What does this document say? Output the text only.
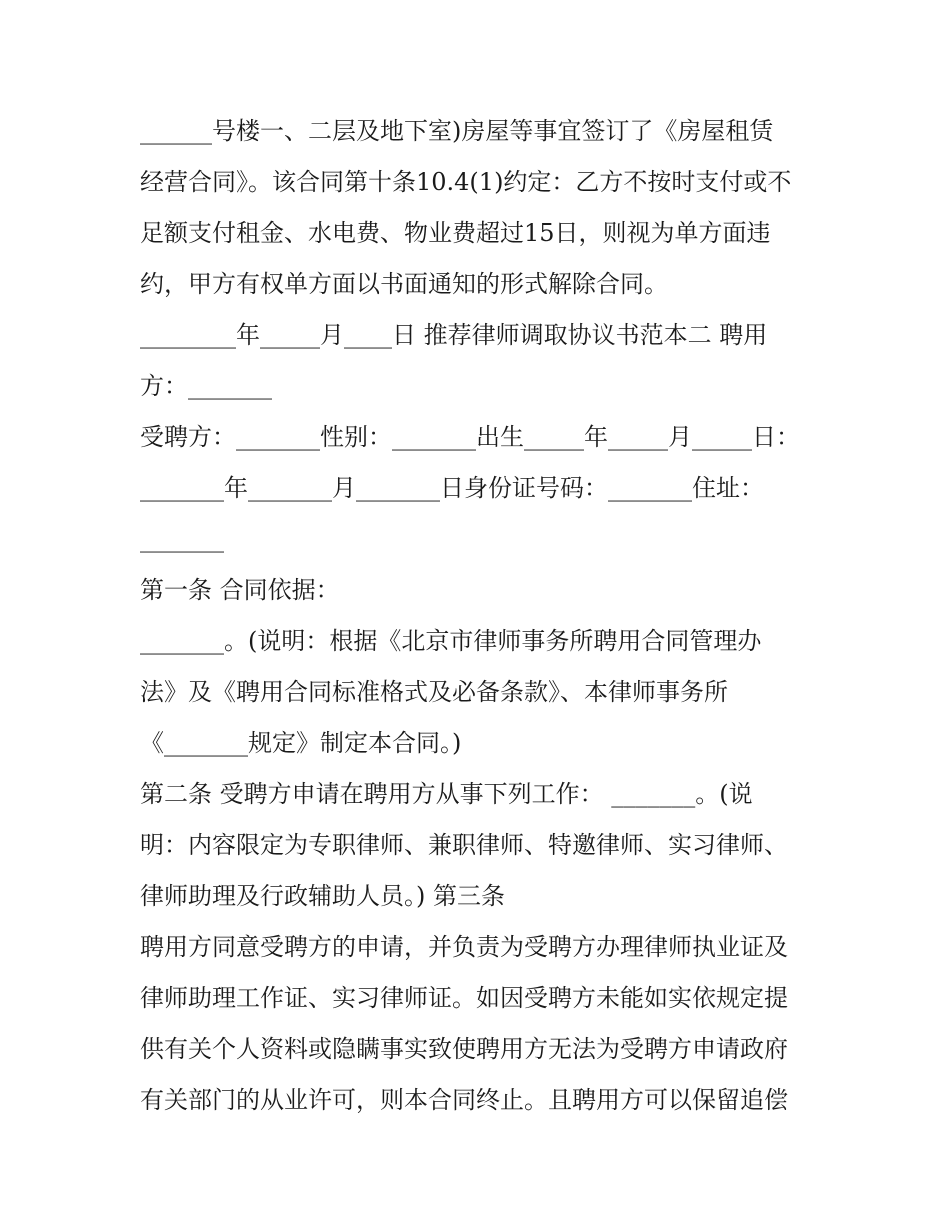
______号楼一、二层及地下室)房屋等事宜签订了《房屋租赁
经营合同》。该合同第十条10.4(1)约定：乙方不按时支付或不
足额支付租金、水电费、物业费超过15日，则视为单方面违
约，甲方有权单方面以书面通知的形式解除合同。
________年_____月____日 推荐律师调取协议书范本二 聘用
方：_______
受聘方：_______性别：_______出生_____年_____月_____日：
_______年_______月_______日身份证号码：_______住址：
_______
第一条 合同依据：
_______。(说明：根据《北京市律师事务所聘用合同管理办
法》及《聘用合同标准格式及必备条款》、本律师事务所
《_______规定》制定本合同。)
第二条 受聘方申请在聘用方从事下列工作： _______。(说
明：内容限定为专职律师、兼职律师、特邀律师、实习律师、
律师助理及行政辅助人员。) 第三条
聘用方同意受聘方的申请，并负责为受聘方办理律师执业证及
律师助理工作证、实习律师证。如因受聘方未能如实依规定提
供有关个人资料或隐瞒事实致使聘用方无法为受聘方申请政府
有关部门的从业许可，则本合同终止。且聘用方可以保留追偿
